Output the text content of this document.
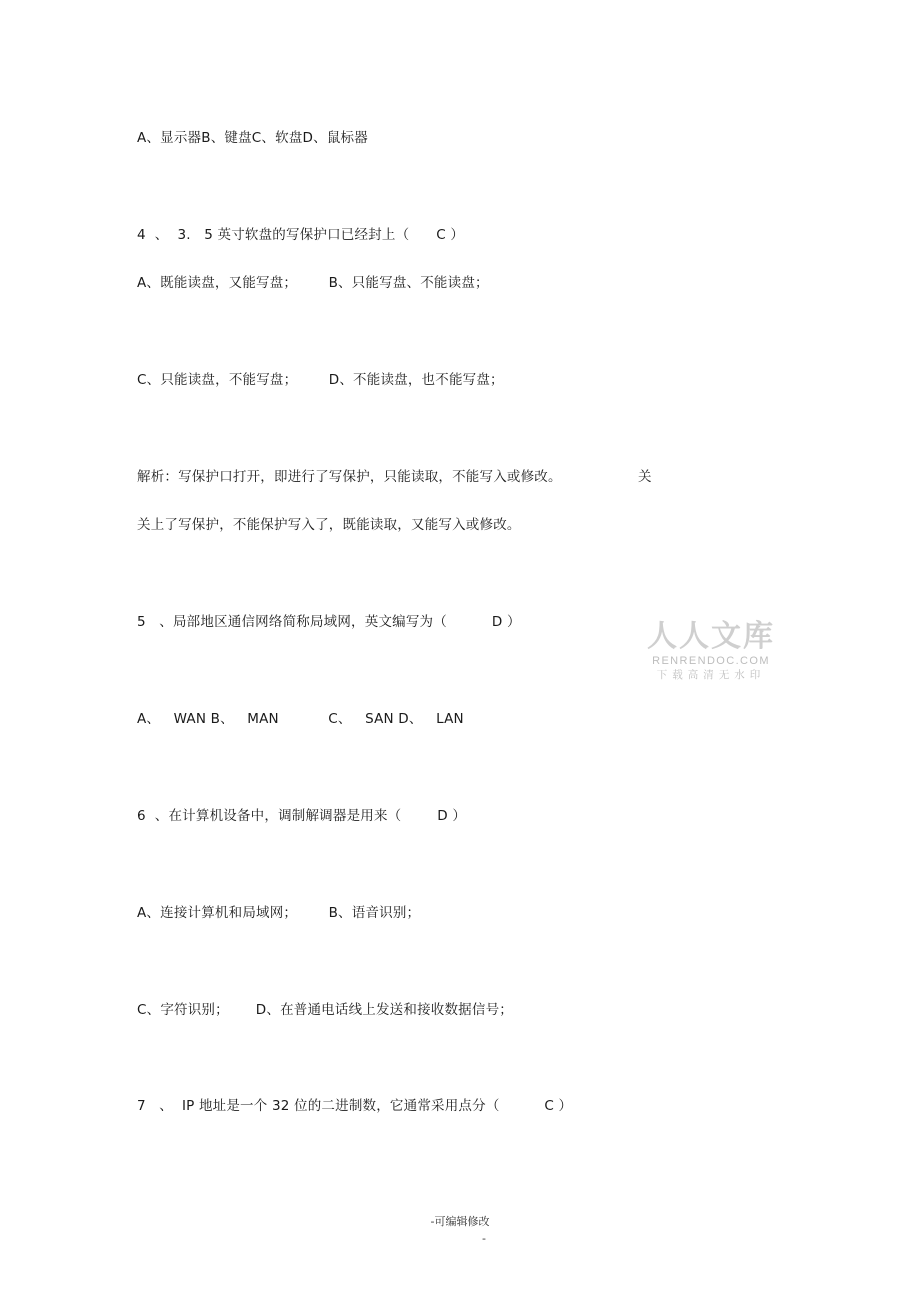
A、显示器B、键盘C、软盘D、鼠标器
4  、  3.   5 英寸软盘的写保护口已经封上（      C ）
A、既能读盘，又能写盘；       B、只能写盘、不能读盘；
C、只能读盘，不能写盘；       D、不能读盘，也不能写盘；
解析：写保护口打开，即进行了写保护，只能读取，不能写入或修改。                 关
关上了写保护，不能保护写入了，既能读取，又能写入或修改。
5   、局部地区通信网络简称局域网，英文编写为（          D ）
A、   WAN B、   MAN           C、   SAN D、   LAN
6  、在计算机设备中，调制解调器是用来（        D ）
A、连接计算机和局域网；       B、语音识别；
C、字符识别；      D、在普通电话线上发送和接收数据信号；
7   、  IP 地址是一个 32 位的二进制数，它通常采用点分（          C ）
人人文库
RENRENDOC.COM
下载高清无水印
-可编辑修改
-
